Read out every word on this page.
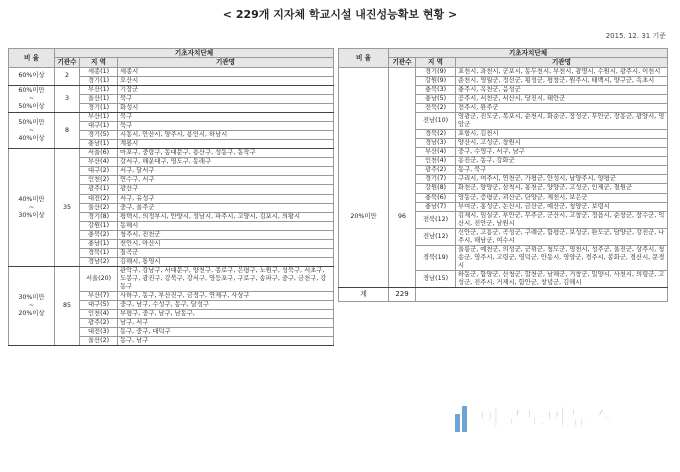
< 229개 지자체 학교시설 내진성능확보 현황 >
2015. 12. 31 기준
비 율	기초자치단체		
	기관수	지 역	기관명
60%이상	2	세종(1)	세종시
		경기(1)	오산시
60%미만
~
50%이상	3	부산(1)	기장군
		울산(1)	북구
		경기(1)	화성시
50%미만
~
40%이상	8	부산(1)	북구
		대구(1)	북구
		경기(5)	시흥시, 안산시, 양주시, 용인시, 하남시
		충남(1)	계룡시
40%미만
~
30%이상	35	서울(6)	마포구, 중랑구, 동대문구, 용산구, 성동구, 동작구
		부산(4)	강서구, 해운대구, 영도구, 동래구
		대구(2)	서구, 달서구
		인천(2)	연수구, 서구
		광주(1)	광산구
		대전(2)	서구, 유성구
		울산(2)	중구, 울주군
		경기(8)	평택시, 의정부시, 안양시, 성남시, 파주시, 고양시, 김포시, 의왕시
		강원(1)	동해시
		충북(2)	청주시, 진천군
		충남(1)	천안시, 아산시
		경북(1)	칠곡군
		경남(2)	김해시, 통영시
30%미만
~
20%이상	85	서울(20)	관악구, 강남구, 서대문구, 양천구, 종로구, 은평구, 노원구, 성북구, 서초구, 도봉구, 광진구, 강북구, 강서구, 영등포구, 구로구, 송파구, 중구, 금천구, 강동구
		부산(7)	사하구, 동구, 부산진구, 금정구, 연제구, 사상구
		대구(5)	중구, 남구, 수성구, 동구, 달성구
		인천(4)	부평구, 중구, 남구, 남동구,
		광주(2)	남구, 서구
		대전(3)	동구, 중구, 대덕구
		울산(2)	동구, 남구
비 율	기초자치단체		
	기관수	지 역	기관명
		경기(9)	포천시, 과천시, 군포시, 동두천시, 부천시, 광명시, 수원시, 광주시, 이천시
		강원(9)	춘천시, 영월군, 정선군, 횡성군, 평창군, 원주시, 태백시, 양구군, 속초시
		충북(3)	충주시, 옥천군, 음성군
		충남(5)	공주시, 서천군, 서산시, 당진시, 태안군
		전북(2)	전주시, 완주군
		전남(10)	영광군, 진도군, 목포시, 순천시, 화순군, 장성군, 무안군, 장흥군, 광양시, 영암군
		경북(2)	포항시, 김천시
		경남(3)	양산시, 고성군, 창원시
20%미만	96	부산(4)	중구, 수영구, 서구, 남구
		인천(4)	옹진군, 동구, 강화군
		광주(2)	동구, 북구
		경기(7)	구리시, 여주시, 연천군, 가평군, 안성시, 남양주시, 양평군
		강원(8)	화천군, 양양군, 삼척시, 홍천군, 양양군, 고성군, 인제군, 철원군
		충북(6)	영동군, 증평군, 괴산군, 단양군, 제천시, 보은군
		충남(7)	부여군, 홍성군, 논산시, 금산군, 예산군, 청양군, 보령시
		전북(12)	김제시, 임실군, 부안군, 무주군, 군산시, 고창군, 정읍시, 순창군, 장수군, 익산시, 진안군, 남원시
		전남(12)	신안군, 고흥군, 곡성군, 구례군, 함평군, 보성군, 완도군, 담양군, 강진군, 나주시, 해남군, 여수시
		경북(19)	울릉군, 예천군, 의성군, 군위군, 청도군, 영천시, 성주군, 울진군, 상주시, 청송군, 영주시, 고령군, 영덕군, 안동시, 영양군, 경주시, 봉화군, 경산시, 문경시
		경남(15)	하동군, 함양군, 산청군, 합천군, 남해군, 거창군, 밀양시, 사천시, 의령군, 고성군, 진주시, 거제시, 함안군, 창녕군, 김해시
계	229		
이코노미뉴스
